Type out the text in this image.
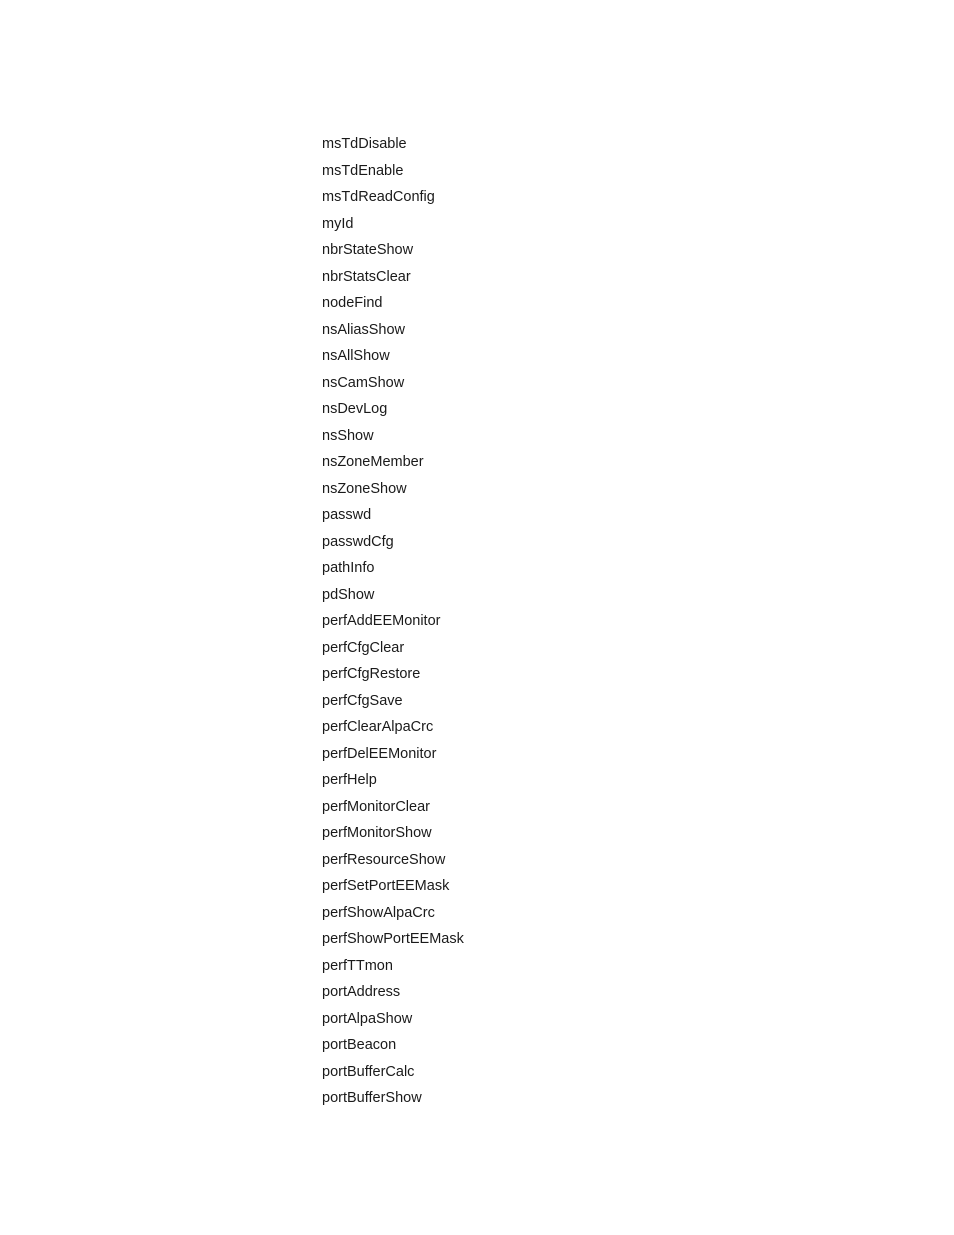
msTdDisable
msTdEnable
msTdReadConfig
myId
nbrStateShow
nbrStatsClear
nodeFind
nsAliasShow
nsAllShow
nsCamShow
nsDevLog
nsShow
nsZoneMember
nsZoneShow
passwd
passwdCfg
pathInfo
pdShow
perfAddEEMonitor
perfCfgClear
perfCfgRestore
perfCfgSave
perfClearAlpaCrc
perfDelEEMonitor
perfHelp
perfMonitorClear
perfMonitorShow
perfResourceShow
perfSetPortEEMask
perfShowAlpaCrc
perfShowPortEEMask
perfTTmon
portAddress
portAlpaShow
portBeacon
portBufferCalc
portBufferShow
